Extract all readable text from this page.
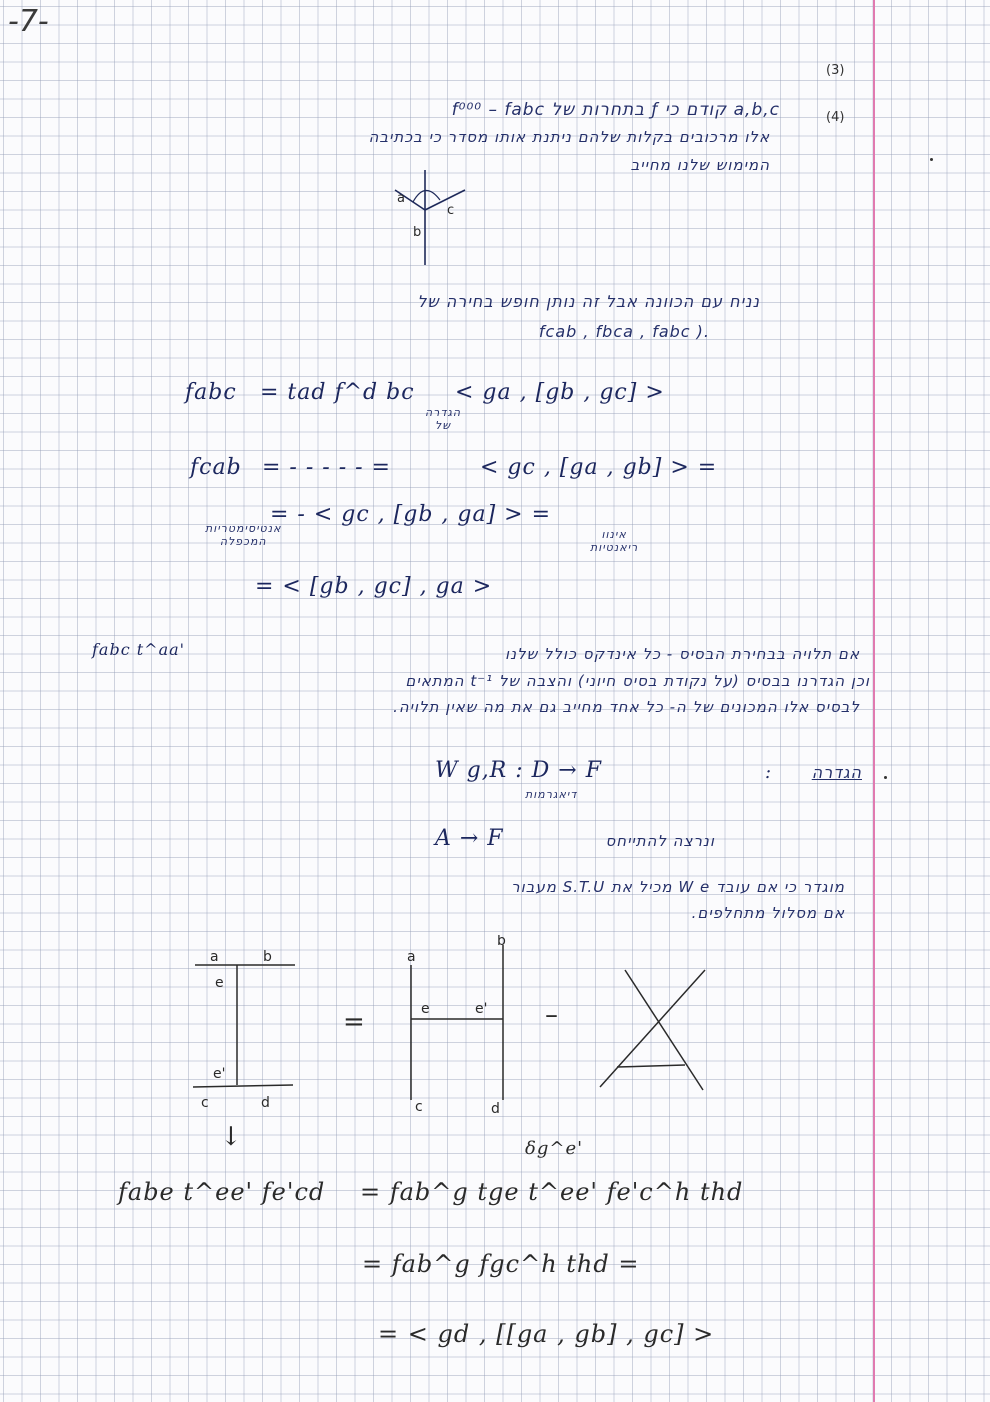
-7-
(3)
(4)
a,b,c קודם כי ƒ בתחרות של f⁰⁰⁰ – fabc
אלו מרכובים בקלות שלהם ניתנת אותו מסדר כי בכתיבה
המימוש שלנו מחייב
a
b
c
נניח עם הכוונה אבל זה נותן חופש בחירה של
.( fcab , fbca , fabc
fabc = tad f^d bc < ga , [gb , gc] >
הגדרה
של
fcab = - - - - - =	< gc , [ga , gb] > =
אנטיסימטריות
המכפלה
= - < gc , [gb , ga] > =
אינוו
ריאנטיות
= < [gb , gc] , ga >
אם תלויה בבחירת הבסיס - כל אינדקס כולל שלנו
fabc t^aa'
וכן הגדרנו בבסיס (על נקודת בסיס חיוני) והצבה של t⁻¹ המתאים
לבסיס אלו המכונים של ה- כל אחד מחייב גם את מה שאין תלויה.
הגדרה
:
W g,R : D → F
דיאגרמות
ונרצה להתייחס
A → F
מוגדר כי אם עובד W e מכיל את S.T.U מעבור
אם מסלול מתחלפים.
a	b
e
e'
c	d
=
a
b
e	e'
c	d
–
↓
fabe t^ee' fe'cd
δg^e'
= fab^g tge t^ee' fe'c^h thd
= fab^g fgc^h thd =
= < gd , [[ga , gb] , gc] >
